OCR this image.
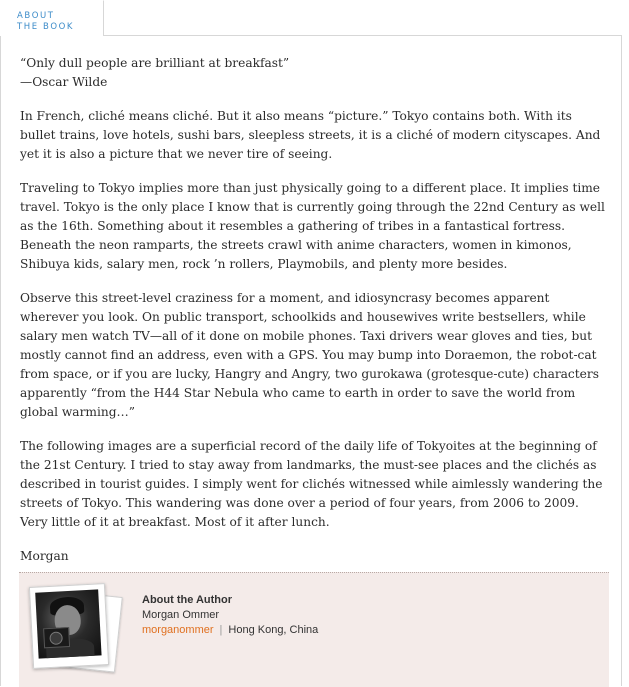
ABOUT
THE BOOK

“Only dull people are brilliant at breakfast”
—Oscar Wilde

In French, cliché means cliché. But it also means “picture.” Tokyo contains both. With its bullet trains, love hotels, sushi bars, sleepless streets, it is a cliché of modern cityscapes. And yet it is also a picture that we never tire of seeing.

Traveling to Tokyo implies more than just physically going to a different place. It implies time travel. Tokyo is the only place I know that is currently going through the 22nd Century as well as the 16th. Something about it resembles a gathering of tribes in a fantastical fortress. Beneath the neon ramparts, the streets crawl with anime characters, women in kimonos, Shibuya kids, salary men, rock ’n rollers, Playmobils, and plenty more besides.

Observe this street-level craziness for a moment, and idiosyncrasy becomes apparent wherever you look. On public transport, schoolkids and housewives write bestsellers, while salary men watch TV—all of it done on mobile phones. Taxi drivers wear gloves and ties, but mostly cannot find an address, even with a GPS. You may bump into Doraemon, the robot-cat from space, or if you are lucky, Hangry and Angry, two gurokawa (grotesque-cute) characters apparently “from the H44 Star Nebula who came to earth in order to save the world from global warming…”

The following images are a superficial record of the daily life of Tokyoites at the beginning of the 21st Century. I tried to stay away from landmarks, the must-see places and the clichés as described in tourist guides. I simply went for clichés witnessed while aimlessly wandering the streets of Tokyo. This wandering was done over a period of four years, from 2006 to 2009. Very little of it at breakfast. Most of it after lunch.

Morgan

About the Author
Morgan Ommer
morganommer | Hong Kong, China
